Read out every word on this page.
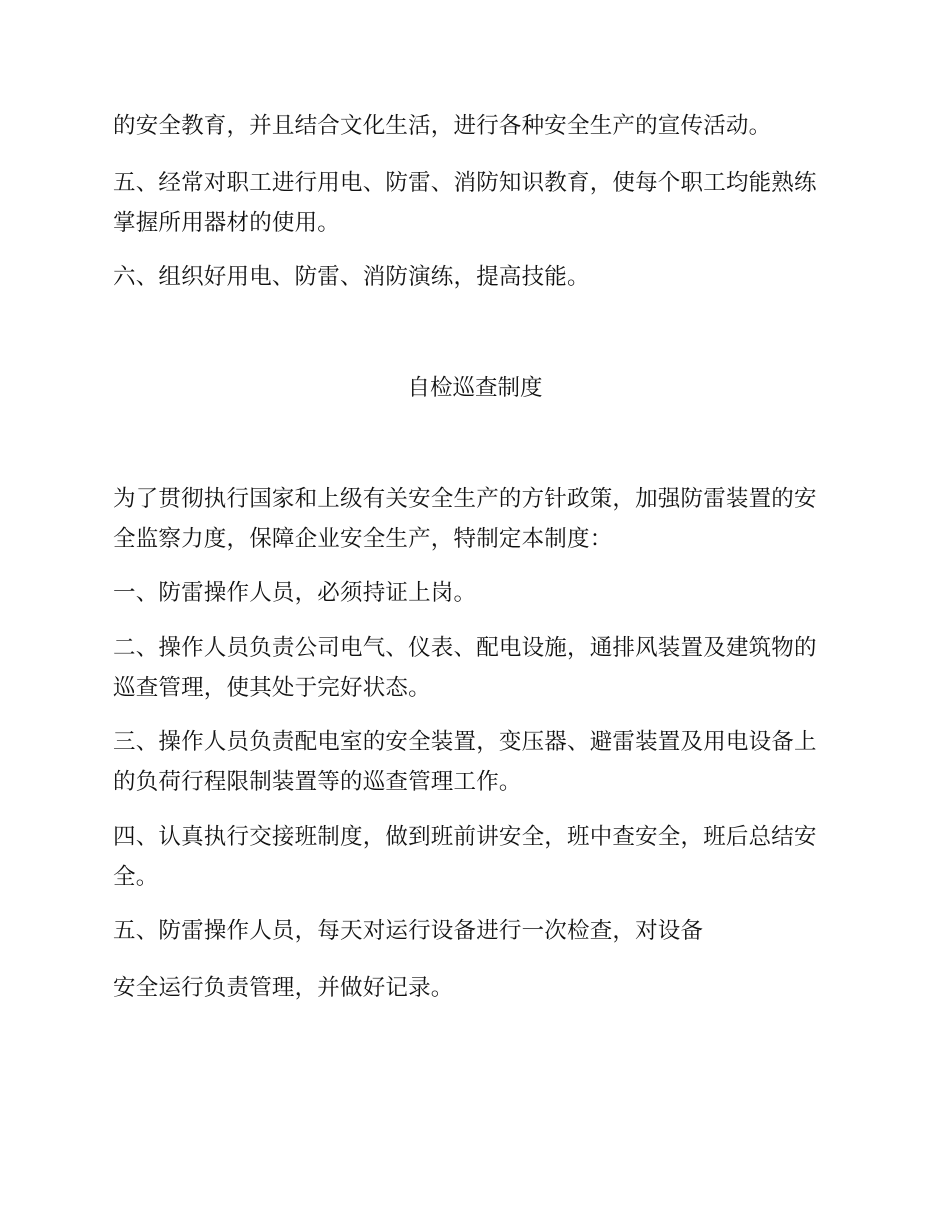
的安全教育，并且结合文化生活，进行各种安全生产的宣传活动。

五、经常对职工进行用电、防雷、消防知识教育，使每个职工均能熟练
掌握所用器材的使用。

六、组织好用电、防雷、消防演练，提高技能。

自检巡查制度

为了贯彻执行国家和上级有关安全生产的方针政策，加强防雷装置的安
全监察力度，保障企业安全生产，特制定本制度：

一、防雷操作人员，必须持证上岗。

二、操作人员负责公司电气、仪表、配电设施，通排风装置及建筑物的
巡查管理，使其处于完好状态。

三、操作人员负责配电室的安全装置，变压器、避雷装置及用电设备上
的负荷行程限制装置等的巡查管理工作。

四、认真执行交接班制度，做到班前讲安全，班中查安全，班后总结安
全。

五、防雷操作人员，每天对运行设备进行一次检查，对设备

安全运行负责管理，并做好记录。
